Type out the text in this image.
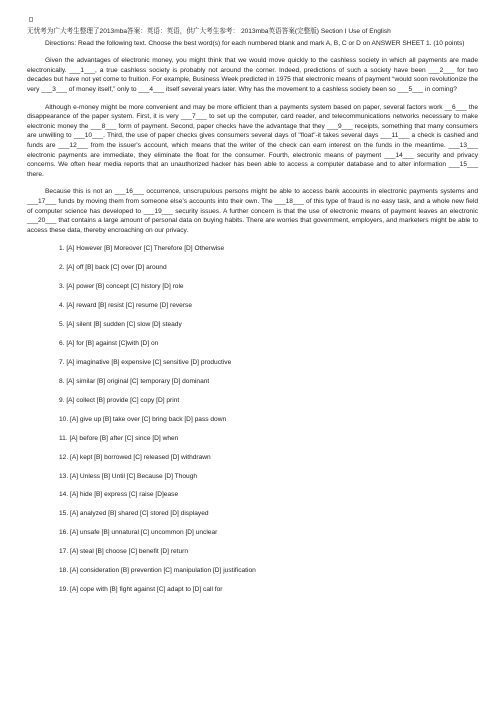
无忧考为广大考生整理了2013mba答案：英语：英语，供广大考生参考： 2013mba英语答案(完整版) Section I Use of English

Directions: Read the following text. Choose the best word(s) for each numbered blank and mark A, B, C or D on ANSWER SHEET 1. (10 points)

Given the advantages of electronic money, you might think that we would move quickly to the cashless society in which all payments are made electronically. ___1___, a true cashless society is probably not around the corner. Indeed, predictions of such a society have been ___2___ for two decades but have not yet come to fruition. For example, Business Week predicted in 1975 that electronic means of payment “would soon revolutionize the very ___3___ of money itself,” only to ___4___ itself several years later. Why has the movement to a cashless society been so ___5___ in coming?

Although e-money might be more convenient and may be more efficient than a payments system based on paper, several factors work __6___ the disappearance of the paper system. First, it is very ___7___ to set up the computer, card reader, and telecommunications networks necessary to make electronic money the ___8___ form of payment. Second, paper checks have the advantage that they ___9___ receipts, something that many consumers are unwilling to ___10___. Third, the use of paper checks gives consumers several days of "float"-it takes several days ___11___ a check is cashed and funds are ___12___ from the issuer's account, which means that the writer of the check can earn interest on the funds in the meantime. ___13___ electronic payments are immediate, they eliminate the float for the consumer. Fourth, electronic means of payment ___14___ security and privacy concerns. We often hear media reports that an unauthorized hacker has been able to access a computer database and to alter information ___15___ there.

Because this is not an ___16___ occurrence, unscrupulous persons might be able to access bank accounts in electronic payments systems and ___17___ funds by moving them from someone else’s accounts into their own. The ___18___ of this type of fraud is no easy task, and a whole new field of computer science has developed to ___19___ security issues. A further concern is that the use of electronic means of payment leaves an electronic ___20___ that contains a large amount of personal data on buying habits. There are worries that government, employers, and marketers might be able to access these data, thereby encroaching on our privacy.

1. [A] However [B] Moreover [C] Therefore [D] Otherwise
2. [A] off [B] back [C] over [D] around
3. [A] power [B] concept [C] history [D] role
4. [A] reward [B] resist [C] resume [D] reverse
5. [A] silent [B] sudden [C] slow [D] steady
6. [A] for [B] against [C]with [D] on
7. [A] imaginative [B] expensive [C] sensitive [D] productive
8. [A] similar [B] original [C] temporary [D] dominant
9. [A] collect [B] provide [C] copy [D] print
10. [A] give up [B] take over [C] bring back [D] pass down
11. [A] before [B] after [C] since [D] when
12. [A] kept [B] borrowed [C] released [D] withdrawn
13. [A] Unless [B] Until [C] Because [D] Though
14. [A] hide [B] express [C] raise [D]ease
15. [A] analyzed [B] shared [C] stored [D] displayed
16. [A] unsafe [B] unnatural [C] uncommon [D] unclear
17. [A] steal [B] choose [C] benefit [D] return
18. [A] consideration [B] prevention [C] manipulation [D] justification
19. [A] cope with [B] fight against [C] adapt to [D] call for
